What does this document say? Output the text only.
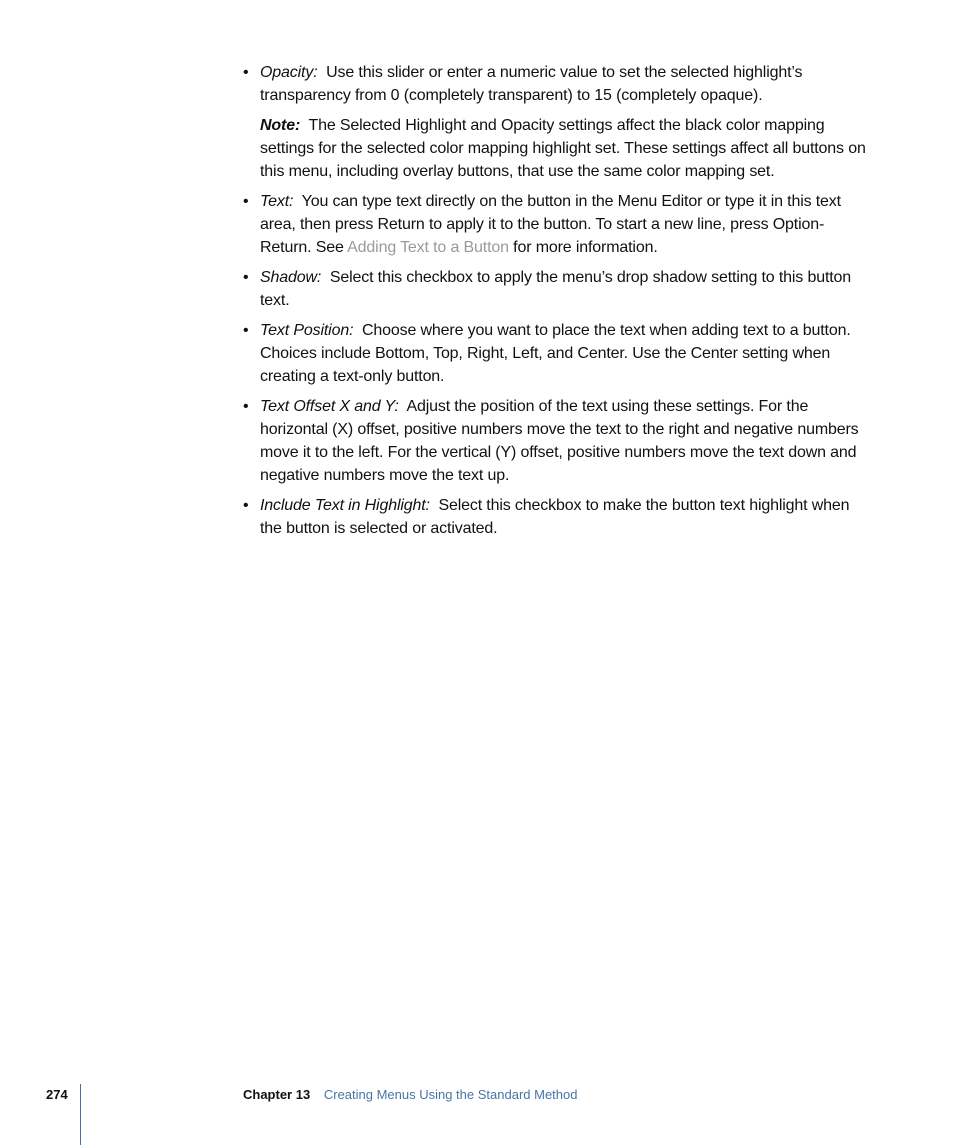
• Opacity: Use this slider or enter a numeric value to set the selected highlight’s transparency from 0 (completely transparent) to 15 (completely opaque).
Note: The Selected Highlight and Opacity settings affect the black color mapping settings for the selected color mapping highlight set. These settings affect all buttons on this menu, including overlay buttons, that use the same color mapping set.
• Text: You can type text directly on the button in the Menu Editor or type it in this text area, then press Return to apply it to the button. To start a new line, press Option-Return. See Adding Text to a Button for more information.
• Shadow: Select this checkbox to apply the menu’s drop shadow setting to this button text.
• Text Position: Choose where you want to place the text when adding text to a button. Choices include Bottom, Top, Right, Left, and Center. Use the Center setting when creating a text-only button.
• Text Offset X and Y: Adjust the position of the text using these settings. For the horizontal (X) offset, positive numbers move the text to the right and negative numbers move it to the left. For the vertical (Y) offset, positive numbers move the text down and negative numbers move the text up.
• Include Text in Highlight: Select this checkbox to make the button text highlight when the button is selected or activated.
274	Chapter 13 Creating Menus Using the Standard Method
